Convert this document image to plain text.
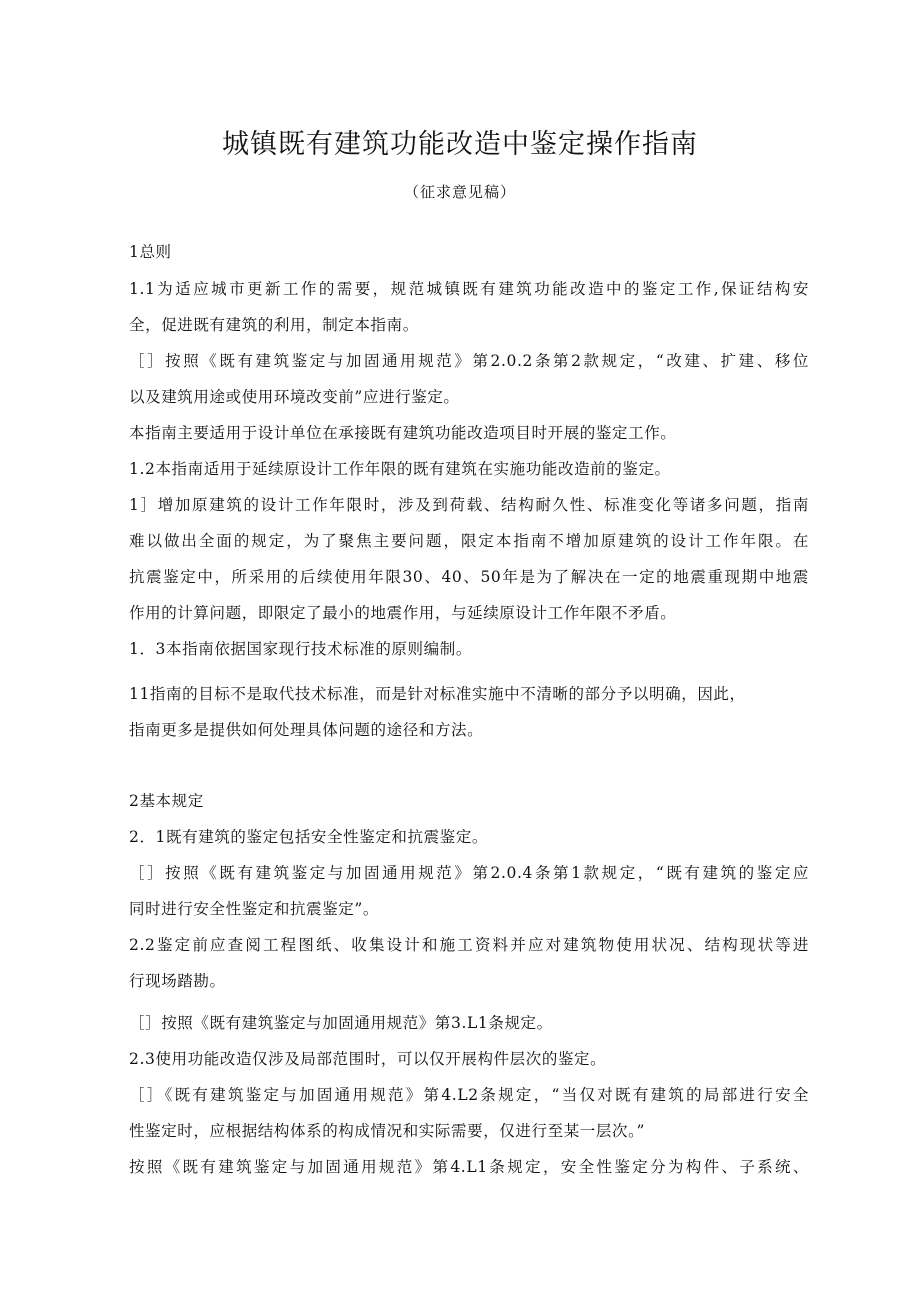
城镇既有建筑功能改造中鉴定操作指南
（征求意见稿）
1总则
1.1为适应城市更新工作的需要，规范城镇既有建筑功能改造中的鉴定工作,保证结构安
全，促进既有建筑的利用，制定本指南。
［］按照《既有建筑鉴定与加固通用规范》第2.0.2条第2款规定，“改建、扩建、移位
以及建筑用途或使用环境改变前”应进行鉴定。
本指南主要适用于设计单位在承接既有建筑功能改造项目时开展的鉴定工作。
1.2本指南适用于延续原设计工作年限的既有建筑在实施功能改造前的鉴定。
1］增加原建筑的设计工作年限时，涉及到荷载、结构耐久性、标准变化等诸多问题，指南
难以做出全面的规定，为了聚焦主要问题，限定本指南不增加原建筑的设计工作年限。在
抗震鉴定中，所采用的后续使用年限30、40、50年是为了解决在一定的地震重现期中地震
作用的计算问题，即限定了最小的地震作用，与延续原设计工作年限不矛盾。
1．3本指南依据国家现行技术标准的原则编制。
11指南的目标不是取代技术标准，而是针对标准实施中不清晰的部分予以明确，因此，
指南更多是提供如何处理具体问题的途径和方法。
2基本规定
2．1既有建筑的鉴定包括安全性鉴定和抗震鉴定。
［］按照《既有建筑鉴定与加固通用规范》第2.0.4条第1款规定，“既有建筑的鉴定应
同时进行安全性鉴定和抗震鉴定”。
2.2鉴定前应查阅工程图纸、收集设计和施工资料并应对建筑物使用状况、结构现状等进
行现场踏勘。
［］按照《既有建筑鉴定与加固通用规范》第3.L1条规定。
2.3使用功能改造仅涉及局部范围时，可以仅开展构件层次的鉴定。
［］《既有建筑鉴定与加固通用规范》第4.L2条规定，“当仅对既有建筑的局部进行安全
性鉴定时，应根据结构体系的构成情况和实际需要，仅进行至某一层次。”
按照《既有建筑鉴定与加固通用规范》第4.L1条规定，安全性鉴定分为构件、子系统、
